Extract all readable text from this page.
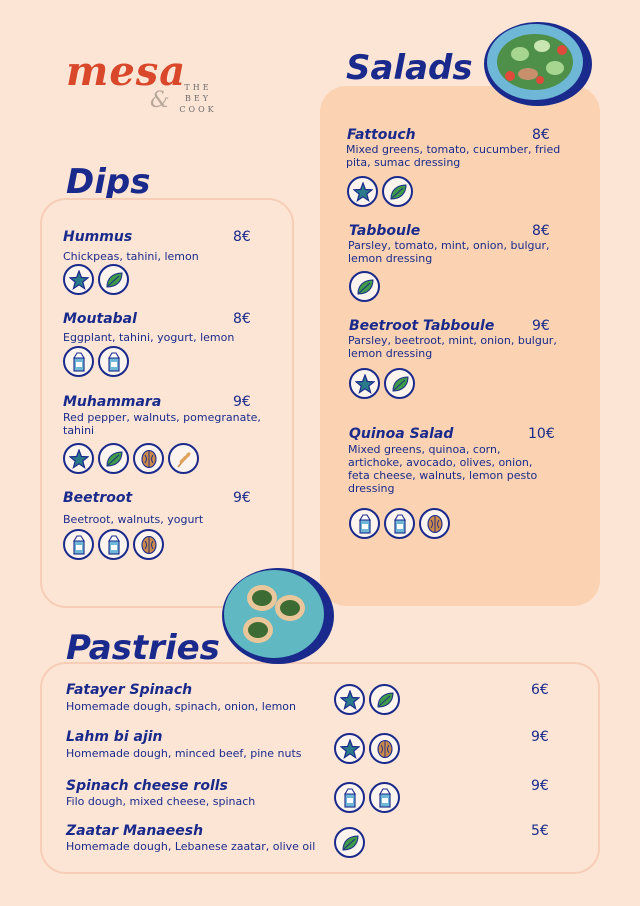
mesa
&
THE
BEY
COOK
Salads
Dips
Pastries
Hummus	8€
Chickpeas, tahini, lemon
Moutabal	8€
Eggplant, tahini, yogurt, lemon
Muhammara	9€
Red pepper, walnuts, pomegranate, tahini
Beetroot	9€
Beetroot, walnuts, yogurt
Fattouch	8€
Mixed greens, tomato, cucumber, fried pita, sumac dressing
Tabboule	8€
Parsley, tomato, mint, onion, bulgur, lemon dressing
Beetroot Tabboule	9€
Parsley, beetroot, mint, onion, bulgur, lemon dressing
Quinoa Salad	10€
Mixed greens, quinoa, corn, artichoke, avocado, olives, onion, feta cheese, walnuts, lemon pesto dressing
Fatayer Spinach
Homemade dough, spinach, onion, lemon
6€
Lahm bi ajin
Homemade dough, minced beef, pine nuts
9€
Spinach cheese rolls
Filo dough, mixed cheese, spinach
9€
Zaatar Manaeesh
Homemade dough, Lebanese zaatar, olive oil
5€
